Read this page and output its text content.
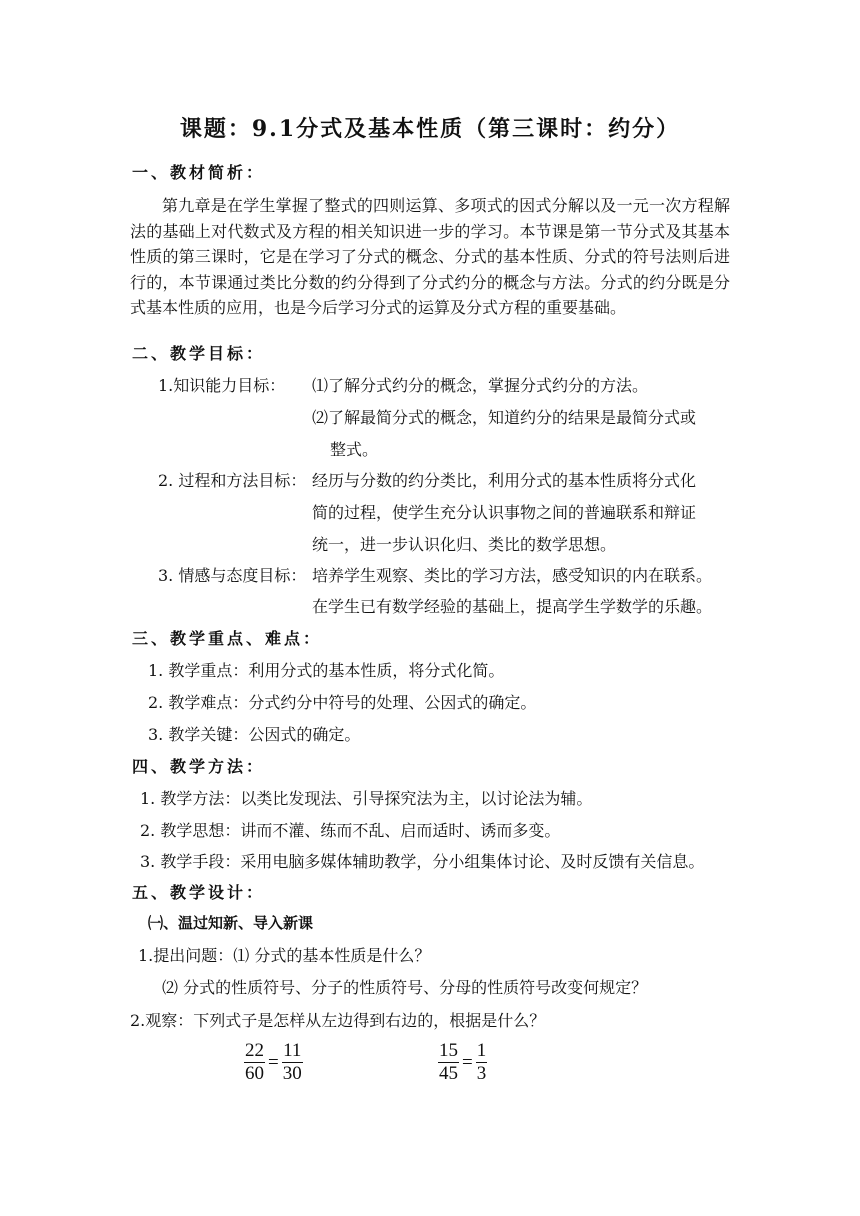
课题：9.1分式及基本性质（第三课时：约分）
一、教材简析：

第九章是在学生掌握了整式的四则运算、多项式的因式分解以及一元一次方程解法的基础上对代数式及方程的相关知识进一步的学习。本节课是第一节分式及其基本性质的第三课时，它是在学习了分式的概念、分式的基本性质、分式的符号法则后进行的，本节课通过类比分数的约分得到了分式约分的概念与方法。分式的约分既是分式基本性质的应用，也是今后学习分式的运算及分式方程的重要基础。

二、教学目标：
1.知识能力目标： ⑴了解分式约分的概念，掌握分式约分的方法。
⑵了解最简分式的概念，知道约分的结果是最简分式或
整式。
2. 过程和方法目标： 经历与分数的约分类比，利用分式的基本性质将分式化
简的过程，使学生充分认识事物之间的普遍联系和辩证
统一，进一步认识化归、类比的数学思想。
3. 情感与态度目标： 培养学生观察、类比的学习方法，感受知识的内在联系。
在学生已有数学经验的基础上，提高学生学数学的乐趣。
三、教学重点、难点：
1. 教学重点：利用分式的基本性质，将分式化简。
2. 教学难点：分式约分中符号的处理、公因式的确定。
3. 教学关键：公因式的确定。
四、教学方法：
1. 教学方法：以类比发现法、引导探究法为主，以讨论法为辅。
2. 教学思想：讲而不灌、练而不乱、启而适时、诱而多变。
3. 教学手段：采用电脑多媒体辅助教学，分小组集体讨论、及时反馈有关信息。
五、教学设计：
㈠、温过知新、导入新课
1.提出问题：⑴ 分式的基本性质是什么？
⑵ 分式的性质符号、分子的性质符号、分母的性质符号改变何规定？
2.观察：下列式子是怎样从左边得到右边的，根据是什么？
$\frac{22}{60} = \frac{11}{30}$	$\frac{15}{45} = \frac{1}{3}$
